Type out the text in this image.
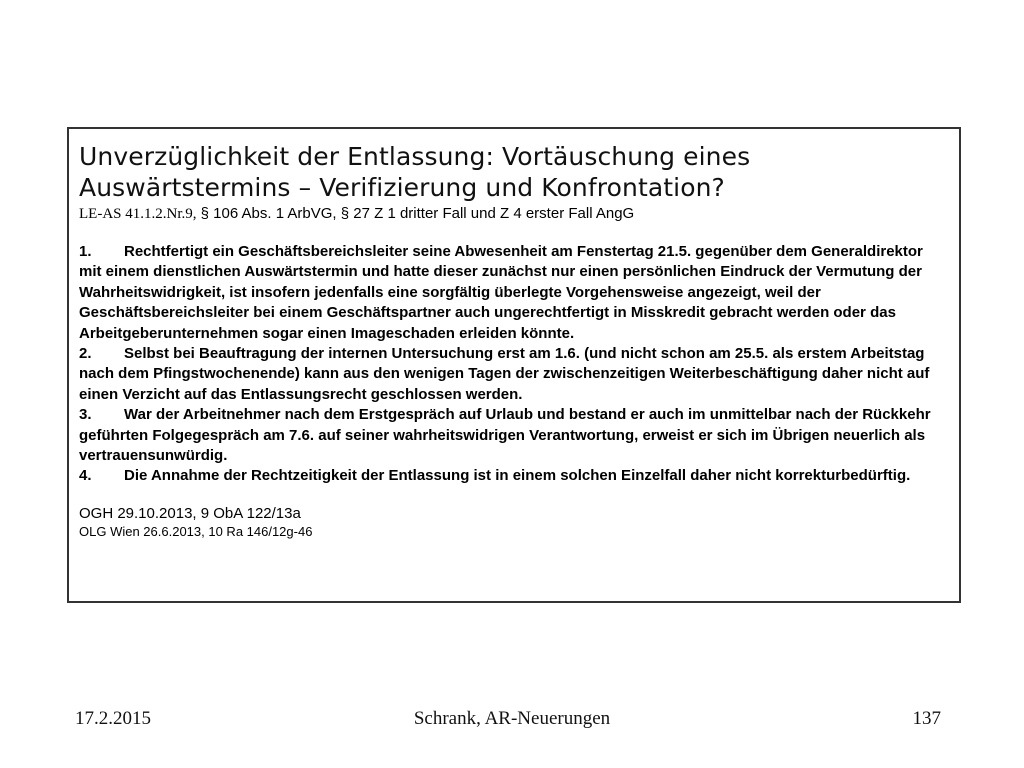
Unverzüglichkeit der Entlassung: Vortäuschung eines
Auswärtstermins – Verifizierung und Konfrontation?
LE-AS 41.1.2.Nr.9, § 106 Abs. 1 ArbVG, § 27 Z 1 dritter Fall und Z 4 erster Fall AngG
1. Rechtfertigt ein Geschäftsbereichsleiter seine Abwesenheit am Fenstertag 21.5. gegenüber dem Generaldirektor mit einem dienstlichen Auswärtstermin und hatte dieser zunächst nur einen persönlichen Eindruck der Vermutung der Wahrheitswidrigkeit, ist insofern jedenfalls eine sorgfältig überlegte Vorgehensweise angezeigt, weil der Geschäftsbereichsleiter bei einem Geschäftspartner auch ungerechtfertigt in Misskredit gebracht werden oder das Arbeitgeberunternehmen sogar einen Imageschaden erleiden könnte.
2. Selbst bei Beauftragung der internen Untersuchung erst am 1.6. (und nicht schon am 25.5. als erstem Arbeitstag nach dem Pfingstwochenende) kann aus den wenigen Tagen der zwischenzeitigen Weiterbeschäftigung daher nicht auf einen Verzicht auf das Entlassungsrecht geschlossen werden.
3. War der Arbeitnehmer nach dem Erstgespräch auf Urlaub und bestand er auch im unmittelbar nach der Rückkehr geführten Folgegespräch am 7.6. auf seiner wahrheitswidrigen Verantwortung, erweist er sich im Übrigen neuerlich als vertrauensunwürdig.
4. Die Annahme der Rechtzeitigkeit der Entlassung ist in einem solchen Einzelfall daher nicht korrekturbedürftig.
OGH 29.10.2013, 9 ObA 122/13a
OLG Wien 26.6.2013, 10 Ra 146/12g-46
17.2.2015	Schrank, AR-Neuerungen	137
